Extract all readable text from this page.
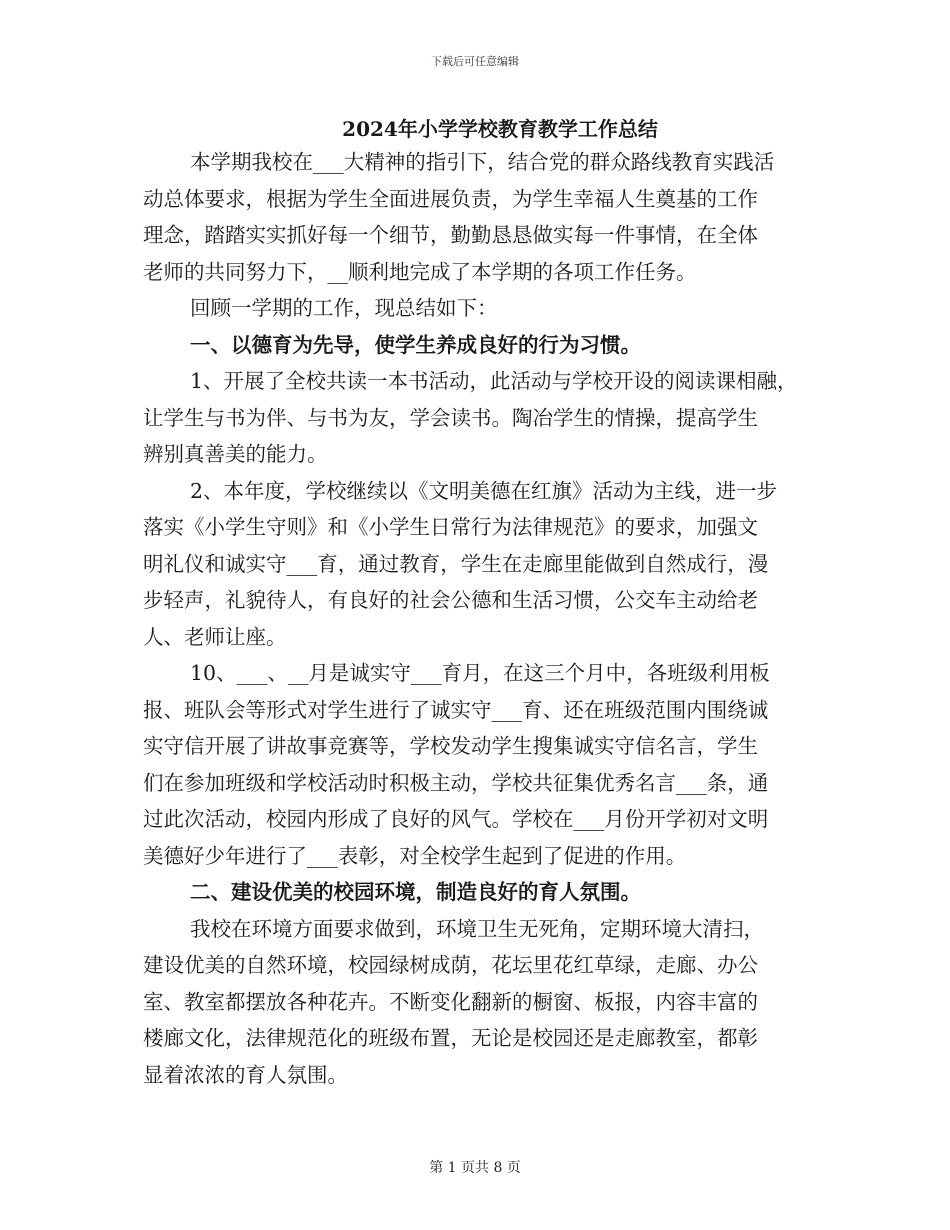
下载后可任意编辑
2024年小学学校教育教学工作总结
本学期我校在___大精神的指引下，结合党的群众路线教育实践活
动总体要求，根据为学生全面进展负责，为学生幸福人生奠基的工作
理念，踏踏实实抓好每一个细节，勤勤恳恳做实每一件事情，在全体
老师的共同努力下，__顺利地完成了本学期的各项工作任务。
回顾一学期的工作，现总结如下：
一、以德育为先导，使学生养成良好的行为习惯。
1、开展了全校共读一本书活动，此活动与学校开设的阅读课相融，
让学生与书为伴、与书为友，学会读书。陶冶学生的情操，提高学生
辨别真善美的能力。
2、本年度，学校继续以《文明美德在红旗》活动为主线，进一步
落实《小学生守则》和《小学生日常行为法律规范》的要求，加强文
明礼仪和诚实守___育，通过教育，学生在走廊里能做到自然成行，漫
步轻声，礼貌待人，有良好的社会公德和生活习惯，公交车主动给老
人、老师让座。
10、___、__月是诚实守___育月，在这三个月中，各班级利用板
报、班队会等形式对学生进行了诚实守___育、还在班级范围内围绕诚
实守信开展了讲故事竞赛等，学校发动学生搜集诚实守信名言，学生
们在参加班级和学校活动时积极主动，学校共征集优秀名言___条，通
过此次活动，校园内形成了良好的风气。学校在___月份开学初对文明
美德好少年进行了___表彰，对全校学生起到了促进的作用。
二、建设优美的校园环境，制造良好的育人氛围。
我校在环境方面要求做到，环境卫生无死角，定期环境大清扫，
建设优美的自然环境，校园绿树成荫，花坛里花红草绿，走廊、办公
室、教室都摆放各种花卉。不断变化翻新的橱窗、板报，内容丰富的
楼廊文化，法律规范化的班级布置，无论是校园还是走廊教室，都彰
显着浓浓的育人氛围。
第 1 页共 8 页
